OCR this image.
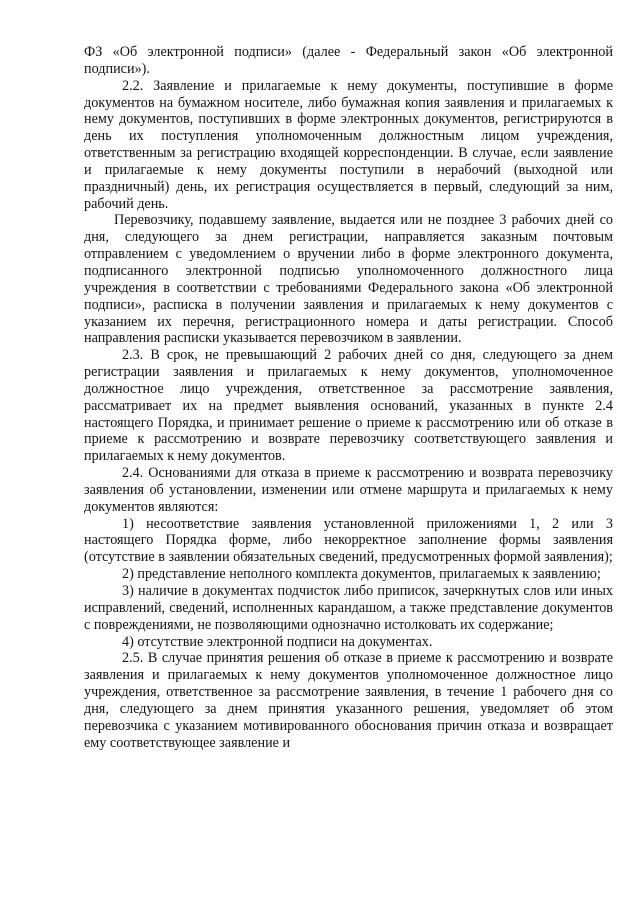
ФЗ «Об электронной подписи» (далее - Федеральный закон «Об электронной подписи»).

2.2. Заявление и прилагаемые к нему документы, поступившие в форме документов на бумажном носителе, либо бумажная копия заявления и прилагаемых к нему документов, поступивших в форме электронных документов, регистрируются в день их поступления уполномоченным должностным лицом учреждения, ответственным за регистрацию входящей корреспонденции. В случае, если заявление и прилагаемые к нему документы поступили в нерабочий (выходной или праздничный) день, их регистрация осуществляется в первый, следующий за ним, рабочий день.

Перевозчику, подавшему заявление, выдается или не позднее 3 рабочих дней со дня, следующего за днем регистрации, направляется заказным почтовым отправлением с уведомлением о вручении либо в форме электронного документа, подписанного электронной подписью уполномоченного должностного лица учреждения в соответствии с требованиями Федерального закона «Об электронной подписи», расписка в получении заявления и прилагаемых к нему документов с указанием их перечня, регистрационного номера и даты регистрации. Способ направления расписки указывается перевозчиком в заявлении.

2.3. В срок, не превышающий 2 рабочих дней со дня, следующего за днем регистрации заявления и прилагаемых к нему документов, уполномоченное должностное лицо учреждения, ответственное за рассмотрение заявления, рассматривает их на предмет выявления оснований, указанных в пункте 2.4 настоящего Порядка, и принимает решение о приеме к рассмотрению или об отказе в приеме к рассмотрению и возврате перевозчику соответствующего заявления и прилагаемых к нему документов.

2.4. Основаниями для отказа в приеме к рассмотрению и возврата перевозчику заявления об установлении, изменении или отмене маршрута и прилагаемых к нему документов являются:

1) несоответствие заявления установленной приложениями 1, 2 или 3 настоящего Порядка форме, либо некорректное заполнение формы заявления (отсутствие в заявлении обязательных сведений, предусмотренных формой заявления);

2) представление неполного комплекта документов, прилагаемых к заявлению;

3) наличие в документах подчисток либо приписок, зачеркнутых слов или иных исправлений, сведений, исполненных карандашом, а также представление документов с повреждениями, не позволяющими однозначно истолковать их содержание;

4) отсутствие электронной подписи на документах.

2.5. В случае принятия решения об отказе в приеме к рассмотрению и возврате заявления и прилагаемых к нему документов уполномоченное должностное лицо учреждения, ответственное за рассмотрение заявления, в течение 1 рабочего дня со дня, следующего за днем принятия указанного решения, уведомляет об этом перевозчика с указанием мотивированного обоснования причин отказа и возвращает ему соответствующее заявление и
